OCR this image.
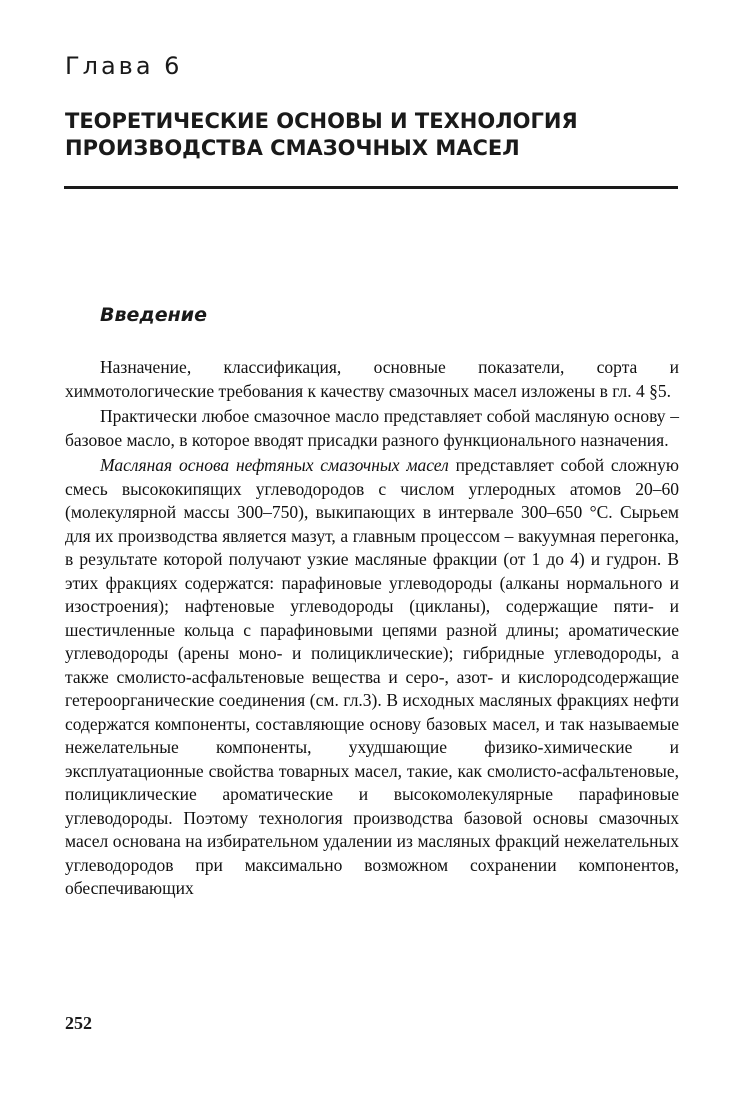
Глава 6
ТЕОРЕТИЧЕСКИЕ ОСНОВЫ И ТЕХНОЛОГИЯ
ПРОИЗВОДСТВА СМАЗОЧНЫХ МАСЕЛ
Введение

Назначение, классификация, основные показатели, сорта и химмотологические требования к качеству смазочных масел изложены в гл. 4 §5.

Практически любое смазочное масло представляет собой масляную основу – базовое масло, в которое вводят присадки разного функционального назначения.

Масляная основа нефтяных смазочных масел представляет собой сложную смесь высококипящих углеводородов с числом углеродных атомов 20–60 (молекулярной массы 300–750), выкипающих в интервале 300–650 °С. Сырьем для их производства является мазут, а главным процессом – вакуумная перегонка, в результате которой получают узкие масляные фракции (от 1 до 4) и гудрон. В этих фракциях содержатся: парафиновые углеводороды (алканы нормального и изостроения); нафтеновые углеводороды (цикланы), содержащие пяти- и шестичленные кольца с парафиновыми цепями разной длины; ароматические углеводороды (арены моно- и полициклические); гибридные углеводороды, а также смолисто-асфальтеновые вещества и серо-, азот- и кислородсодержащие гетероорганические соединения (см. гл.3). В исходных масляных фракциях нефти содержатся компоненты, составляющие основу базовых масел, и так называемые нежелательные компоненты, ухудшающие физико-химические и эксплуатационные свойства товарных масел, такие, как смолисто-асфальтеновые, полициклические ароматические и высокомолекулярные парафиновые углеводороды. Поэтому технология производства базовой основы смазочных масел основана на избирательном удалении из масляных фракций нежелательных углеводородов при максимально возможном сохранении компонентов, обеспечивающих

252
